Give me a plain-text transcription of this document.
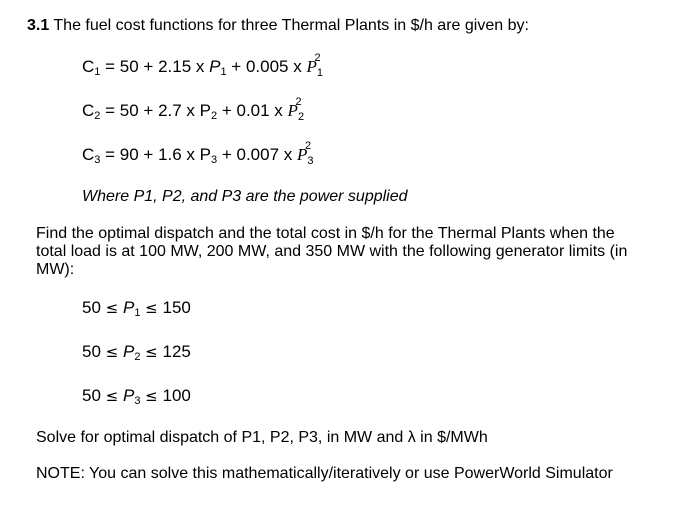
3.1 The fuel cost functions for three Thermal Plants in $/h are given by:
C1 = 50 + 2.15 x P1 + 0.005 x $P_1$
2
C2 = 50 + 2.7 x P2 + 0.01 x $P_2$
2
C3 = 90 + 1.6 x P3 + 0.007 x $P_3$
2
Where P1, P2, and P3 are the power supplied
Find the optimal dispatch and the total cost in $/h for the Thermal Plants when the total load is at 100 MW, 200 MW, and 350 MW with the following generator limits (in MW):
50 ≤ P1 ≤ 150
50 ≤ P2 ≤ 125
50 ≤ P3 ≤ 100
Solve for optimal dispatch of P1, P2, P3, in MW and λ in $/MWh
NOTE: You can solve this mathematically/iteratively or use PowerWorld Simulator
